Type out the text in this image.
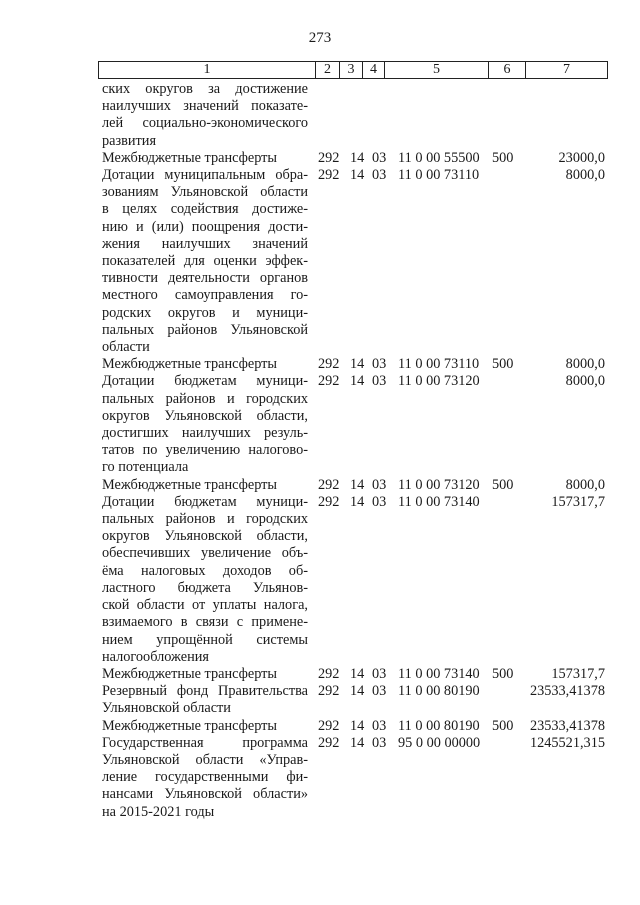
273
1	2	3	4	5	6	7
ских округов за достижение
наилучших значений показате-
лей социально-экономического
развития
Межбюджетные трансферты	292 14 03 11 0 00 55500 500	23000,0
Дотации муниципальным обра-
зованиям Ульяновской области
в целях содействия достиже-
нию и (или) поощрения дости-
жения наилучших значений
показателей для оценки эффек-
тивности деятельности органов
местного самоуправления го-
родских округов и муници-
пальных районов Ульяновской
области
292 14 03 11 0 00 73110	8000,0
Межбюджетные трансферты	292 14 03 11 0 00 73110 500	8000,0
Дотации бюджетам муници-
пальных районов и городских
округов Ульяновской области,
достигших наилучших резуль-
татов по увеличению налогово-
го потенциала
292 14 03 11 0 00 73120	8000,0
Межбюджетные трансферты	292 14 03 11 0 00 73120 500	8000,0
Дотации бюджетам муници-
пальных районов и городских
округов Ульяновской области,
обеспечивших увеличение объ-
ёма налоговых доходов об-
ластного бюджета Ульянов-
ской области от уплаты налога,
взимаемого в связи с примене-
нием упрощённой системы
налогообложения
292 14 03 11 0 00 73140	157317,7
Межбюджетные трансферты	292 14 03 11 0 00 73140 500	157317,7
Резервный фонд Правительства
Ульяновской области
292 14 03 11 0 00 80190	23533,41378
Межбюджетные трансферты	292 14 03 11 0 00 80190 500 23533,41378
Государственная программа
Ульяновской области «Управ-
ление государственными фи-
нансами Ульяновской области»
на 2015-2021 годы
292 14 03 95 0 00 00000	1245521,315
